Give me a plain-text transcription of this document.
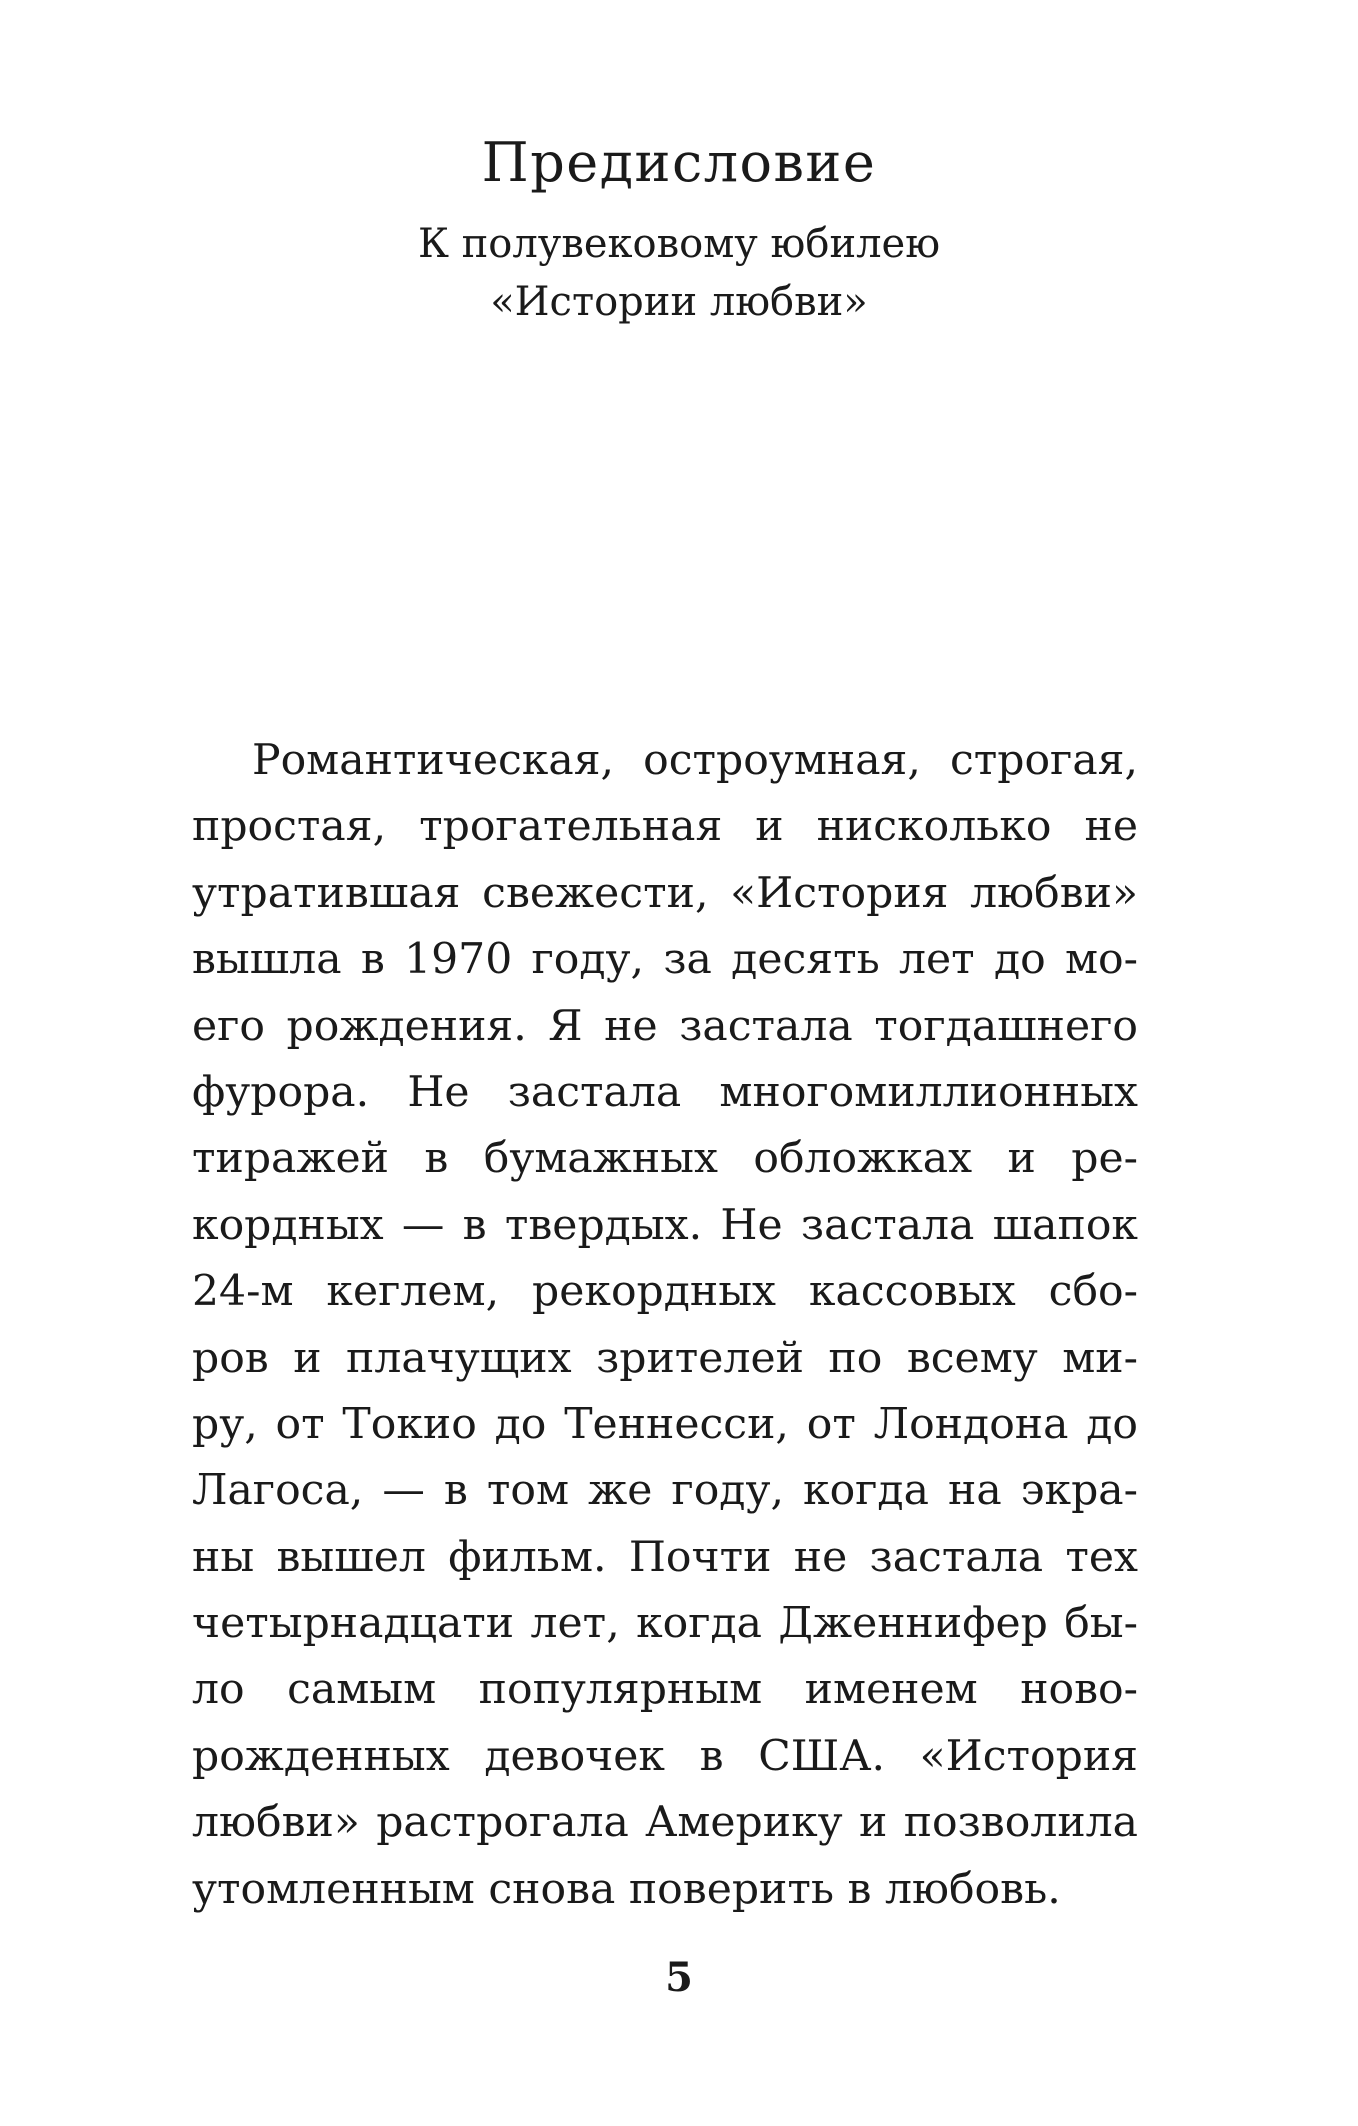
Предисловие
К полувековому юбилею
«Истории любви»
Романтическая, остроумная, строгая,
простая, трогательная и нисколько не
утратившая свежести, «История любви»
вышла в 1970 году, за десять лет до мо-
его рождения. Я не застала тогдашнего
фурора. Не застала многомиллионных
тиражей в бумажных обложках и ре-
кордных — в твердых. Не застала шапок
24-м кеглем, рекордных кассовых сбо-
ров и плачущих зрителей по всему ми-
ру, от Токио до Теннесси, от Лондона до
Лагоса, — в том же году, когда на экра-
ны вышел фильм. Почти не застала тех
четырнадцати лет, когда Дженнифер бы-
ло самым популярным именем ново-
рожденных девочек в США. «История
любви» растрогала Америку и позволила
утомленным снова поверить в любовь.
5
